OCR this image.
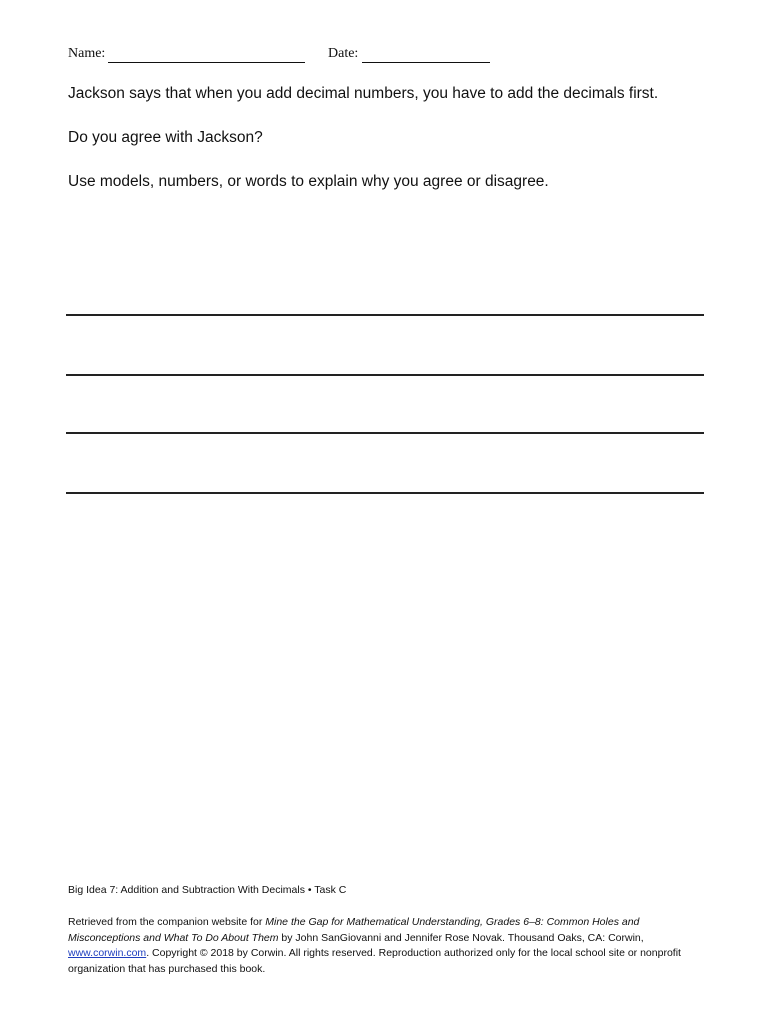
Name:	Date:
Jackson says that when you add decimal numbers, you have to add the decimals first.
Do you agree with Jackson?
Use models, numbers, or words to explain why you agree or disagree.
Big Idea 7: Addition and Subtraction With Decimals • Task C
Retrieved from the companion website for Mine the Gap for Mathematical Understanding, Grades 6–8: Common Holes and Misconceptions and What To Do About Them by John SanGiovanni and Jennifer Rose Novak. Thousand Oaks, CA: Corwin, www.corwin.com. Copyright © 2018 by Corwin. All rights reserved. Reproduction authorized only for the local school site or nonprofit organization that has purchased this book.
